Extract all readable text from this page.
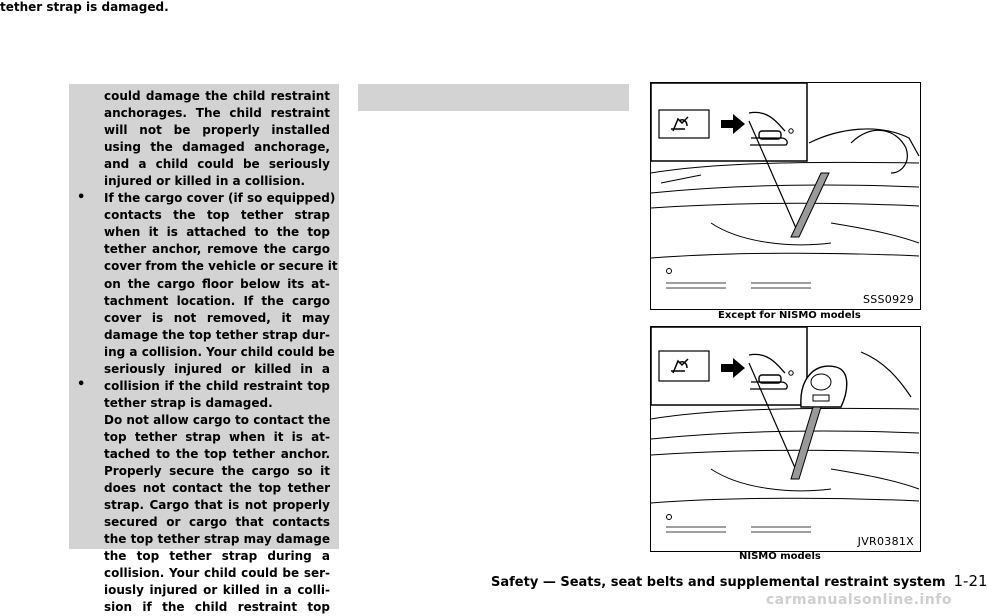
could damage the child restraint
anchorages. The child restraint
will not be properly installed
using the damaged anchorage,
and a child could be seriously
injured or killed in a collision.
If the cargo cover (if so equipped)
contacts the top tether strap
when it is attached to the top
tether anchor, remove the cargo
cover from the vehicle or secure it
on the cargo floor below its at-
tachment location. If the cargo
cover is not removed, it may
damage the top tether strap dur-
ing a collision. Your child could be
seriously injured or killed in a
collision if the child restraint top
tether strap is damaged.
Do not allow cargo to contact the
top tether strap when it is at-
tached to the top tether anchor.
Properly secure the cargo so it
does not contact the top tether
strap. Cargo that is not properly
secured or cargo that contacts
the top tether strap may damage
the top tether strap during a
collision. Your child could be ser-
iously injured or killed in a colli-
sion if the child restraint top
•
•
tether strap is damaged.
SSS0929
Except for NISMO models
JVR0381X
NISMO models
Safety — Seats, seat belts and supplemental restraint system 1-21
carmanualsonline.info
